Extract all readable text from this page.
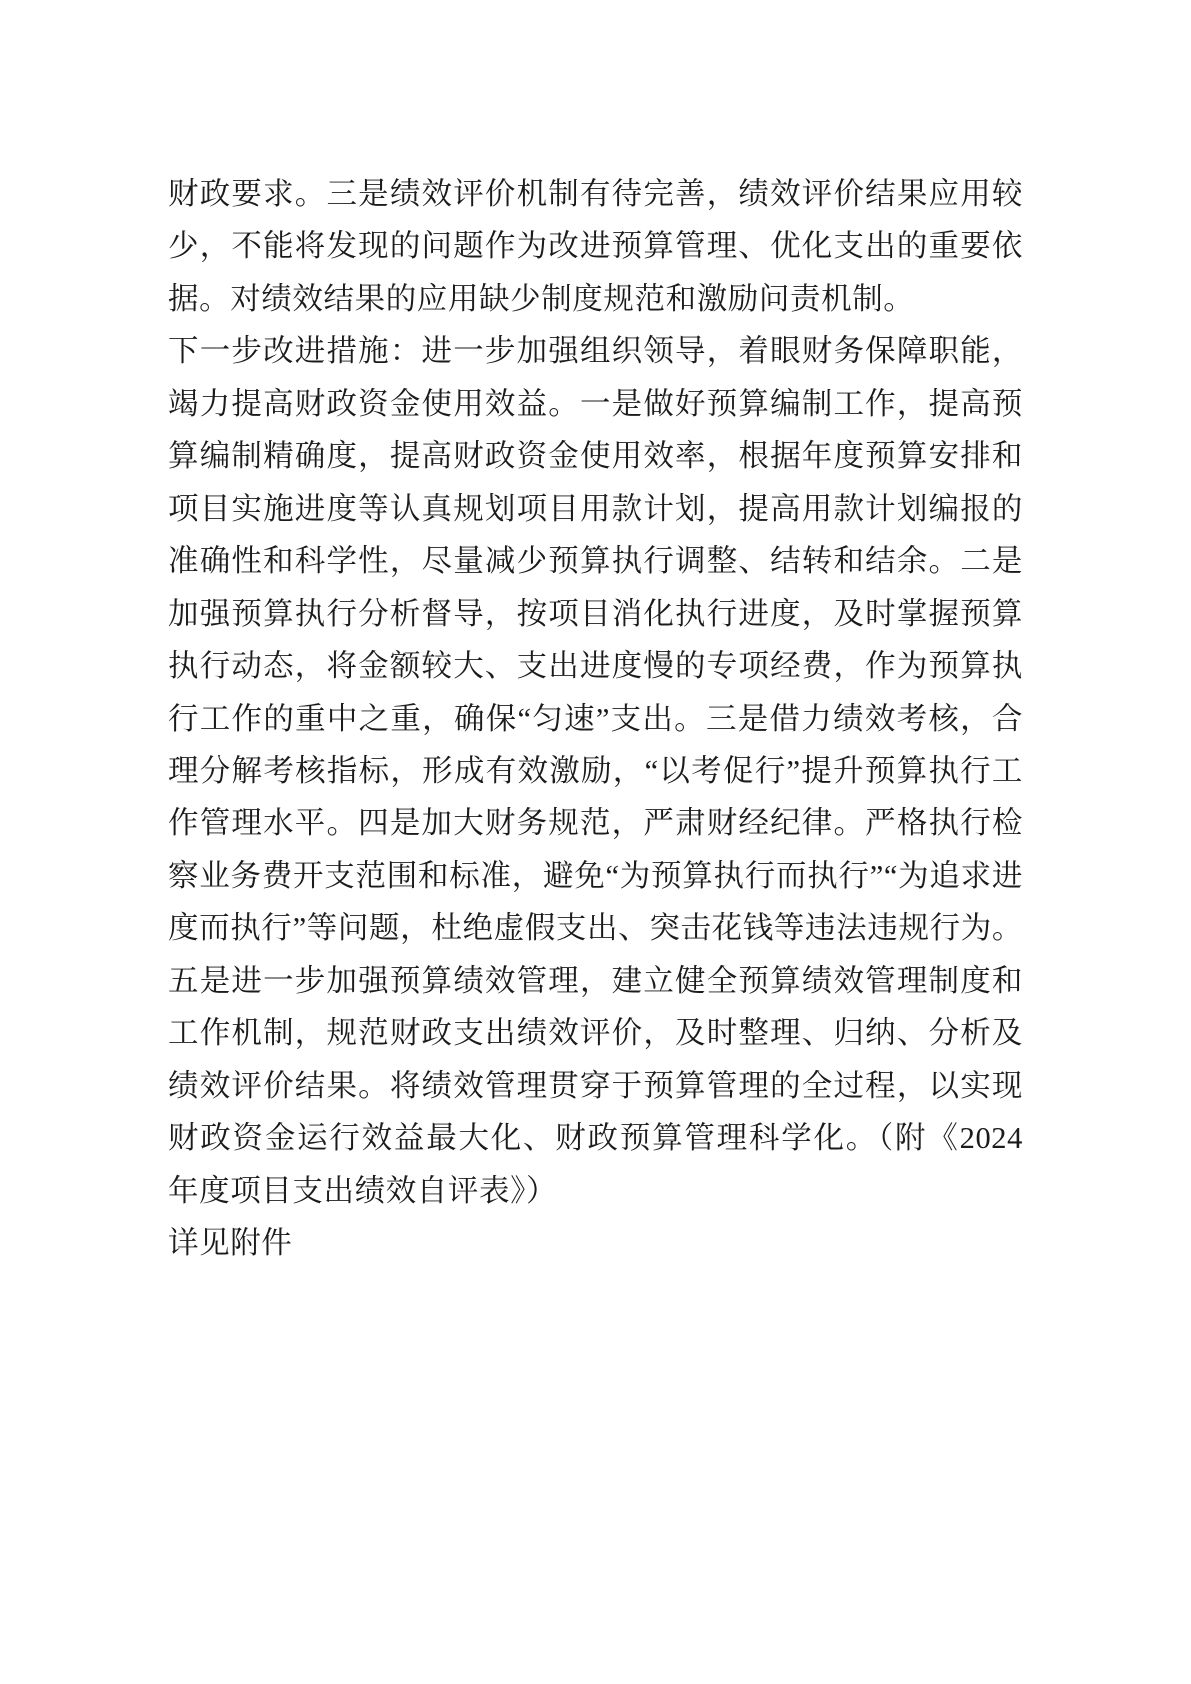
财政要求。三是绩效评价机制有待完善，绩效评价结果应用较少，不能将发现的问题作为改进预算管理、优化支出的重要依据。对绩效结果的应用缺少制度规范和激励问责机制。

下一步改进措施：进一步加强组织领导，着眼财务保障职能，竭力提高财政资金使用效益。一是做好预算编制工作，提高预算编制精确度，提高财政资金使用效率，根据年度预算安排和项目实施进度等认真规划项目用款计划，提高用款计划编报的准确性和科学性，尽量减少预算执行调整、结转和结余。二是加强预算执行分析督导，按项目消化执行进度，及时掌握预算执行动态，将金额较大、支出进度慢的专项经费，作为预算执行工作的重中之重，确保“匀速”支出。三是借力绩效考核，合理分解考核指标，形成有效激励，“以考促行”提升预算执行工作管理水平。四是加大财务规范，严肃财经纪律。严格执行检察业务费开支范围和标准，避免“为预算执行而执行”“为追求进度而执行”等问题，杜绝虚假支出、突击花钱等违法违规行为。五是进一步加强预算绩效管理，建立健全预算绩效管理制度和工作机制，规范财政支出绩效评价，及时整理、归纳、分析及绩效评价结果。将绩效管理贯穿于预算管理的全过程，以实现财政资金运行效益最大化、财政预算管理科学化。（附《2024 年度项目支出绩效自评表》）

详见附件
